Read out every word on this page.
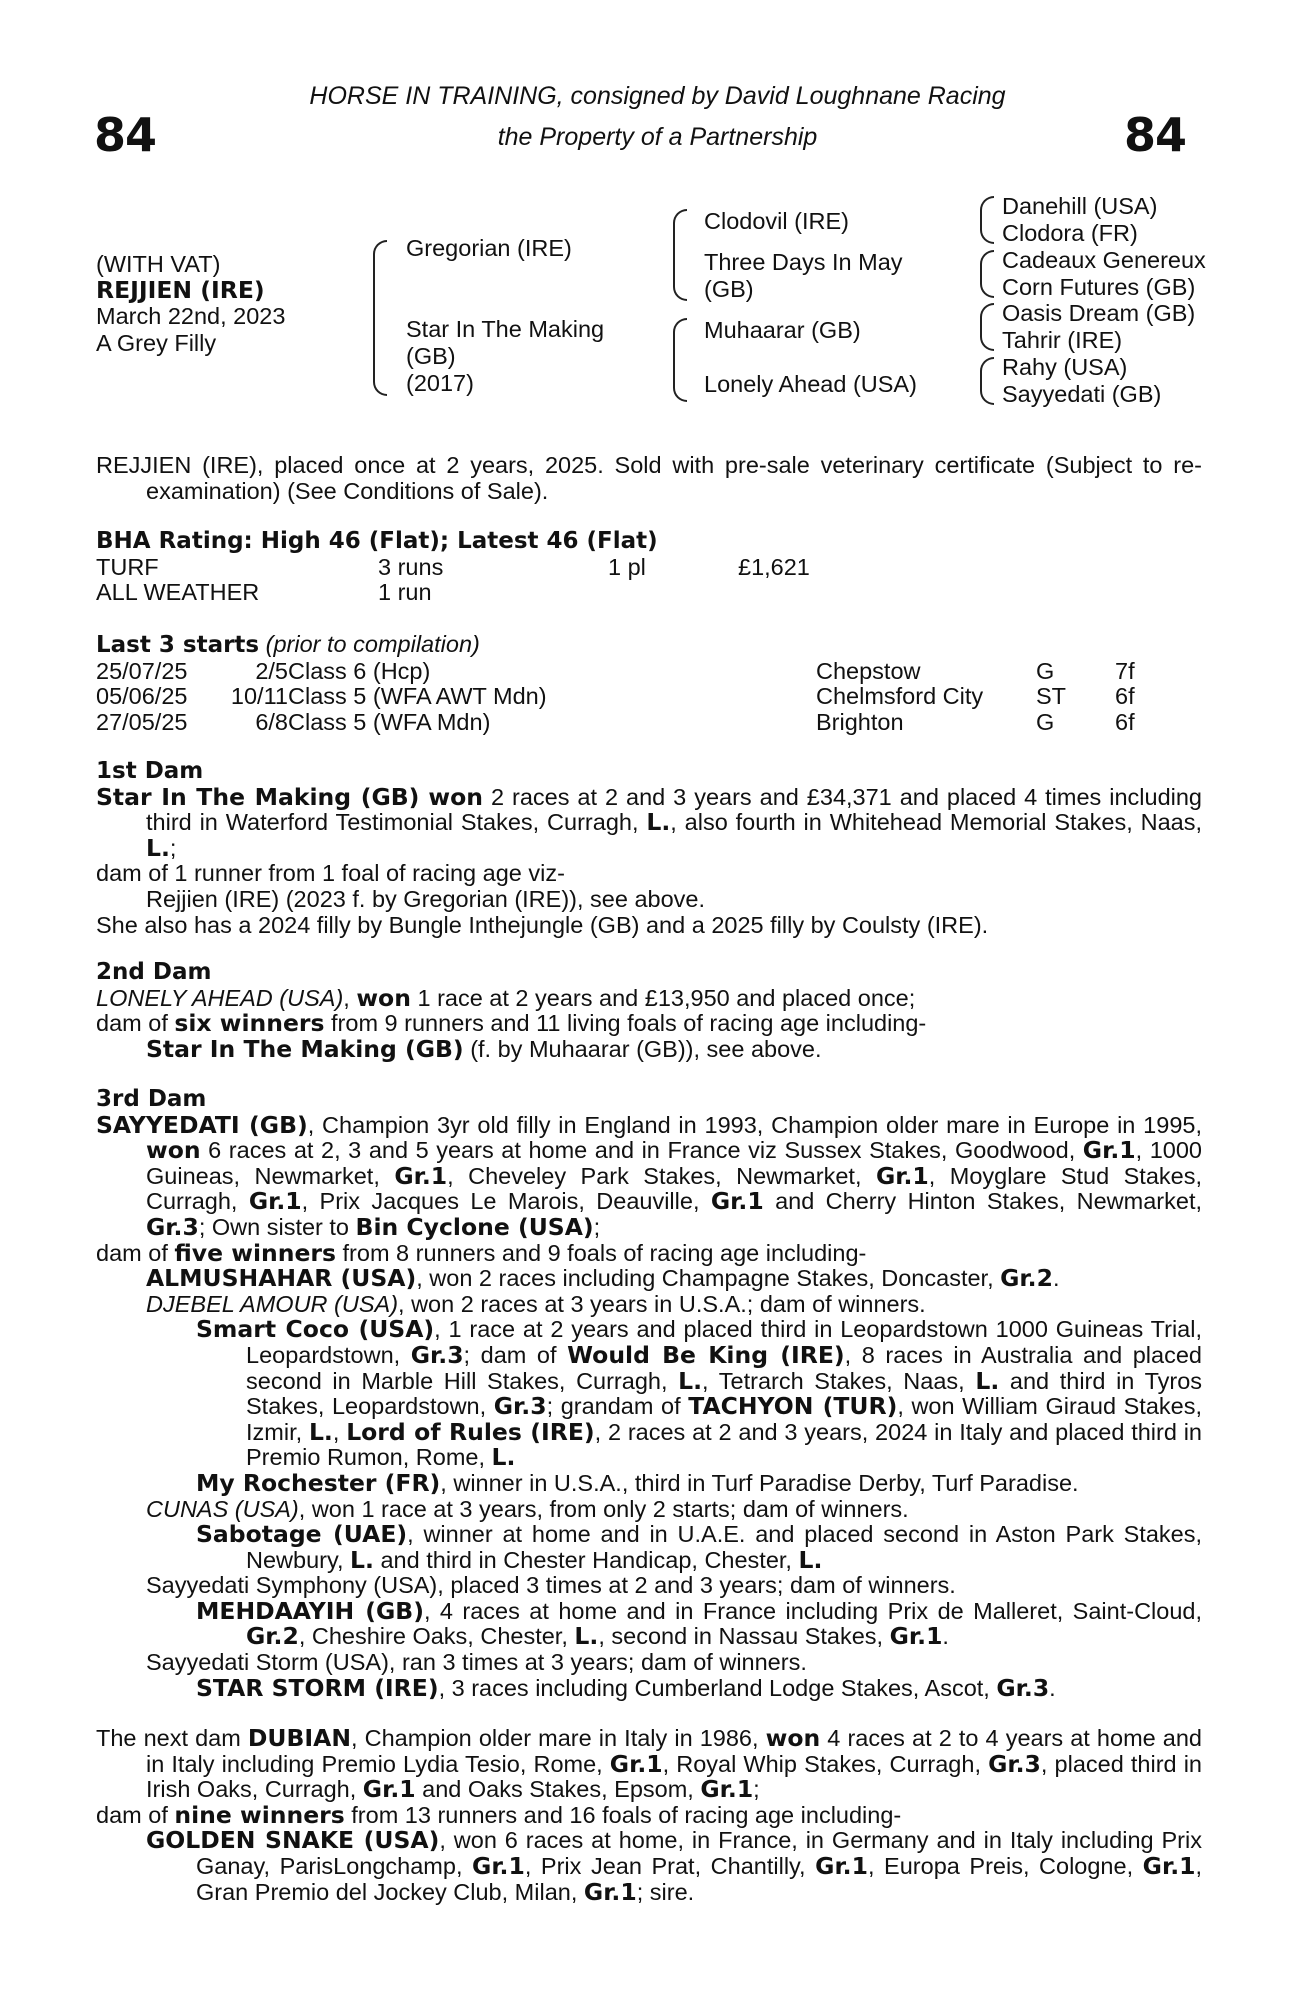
84	84
HORSE IN TRAINING, consigned by David Loughnane Racing
the Property of a Partnership
(WITH VAT)
REJJIEN (IRE)
March 22nd, 2023
A Grey Filly
Gregorian (IRE)
Star In The Making
(GB)
(2017)
Clodovil (IRE)
Three Days In May
(GB)
Muhaarar (GB)
Lonely Ahead (USA)
Danehill (USA)
Clodora (FR)
Cadeaux Genereux
Corn Futures (GB)
Oasis Dream (GB)
Tahrir (IRE)
Rahy (USA)
Sayyedati (GB)
REJJIEN (IRE), placed once at 2 years, 2025. Sold with pre-sale veterinary certificate (Subject to re-examination) (See Conditions of Sale).
BHA Rating: High 46 (Flat); Latest 46 (Flat)
TURF	3 runs	1 pl	£1,621
ALL WEATHER	1 run
Last 3 starts (prior to compilation)
25/07/25	2/5 Class 6 (Hcp)	Chepstow	G	7f
05/06/25	10/11 Class 5 (WFA AWT Mdn)	Chelmsford City ST 6f
27/05/25	6/8 Class 5 (WFA Mdn)	Brighton	G	6f
1st Dam
Star In The Making (GB) won 2 races at 2 and 3 years and £34,371 and placed 4 times including third in Waterford Testimonial Stakes, Curragh, L., also fourth in Whitehead Memorial Stakes, Naas, L.;
dam of 1 runner from 1 foal of racing age viz-
Rejjien (IRE) (2023 f. by Gregorian (IRE)), see above.
She also has a 2024 filly by Bungle Inthejungle (GB) and a 2025 filly by Coulsty (IRE).
2nd Dam
LONELY AHEAD (USA), won 1 race at 2 years and £13,950 and placed once;
dam of six winners from 9 runners and 11 living foals of racing age including-
Star In The Making (GB) (f. by Muhaarar (GB)), see above.
3rd Dam
SAYYEDATI (GB), Champion 3yr old filly in England in 1993, Champion older mare in Europe in 1995, won 6 races at 2, 3 and 5 years at home and in France viz Sussex Stakes, Goodwood, Gr.1, 1000 Guineas, Newmarket, Gr.1, Cheveley Park Stakes, Newmarket, Gr.1, Moyglare Stud Stakes, Curragh, Gr.1, Prix Jacques Le Marois, Deauville, Gr.1 and Cherry Hinton Stakes, Newmarket, Gr.3; Own sister to Bin Cyclone (USA);
dam of five winners from 8 runners and 9 foals of racing age including-
ALMUSHAHAR (USA), won 2 races including Champagne Stakes, Doncaster, Gr.2.
DJEBEL AMOUR (USA), won 2 races at 3 years in U.S.A.; dam of winners.
Smart Coco (USA), 1 race at 2 years and placed third in Leopardstown 1000 Guineas Trial, Leopardstown, Gr.3; dam of Would Be King (IRE), 8 races in Australia and placed second in Marble Hill Stakes, Curragh, L., Tetrarch Stakes, Naas, L. and third in Tyros Stakes, Leopardstown, Gr.3; grandam of TACHYON (TUR), won William Giraud Stakes, Izmir, L., Lord of Rules (IRE), 2 races at 2 and 3 years, 2024 in Italy and placed third in Premio Rumon, Rome, L.
My Rochester (FR), winner in U.S.A., third in Turf Paradise Derby, Turf Paradise.
CUNAS (USA), won 1 race at 3 years, from only 2 starts; dam of winners.
Sabotage (UAE), winner at home and in U.A.E. and placed second in Aston Park Stakes, Newbury, L. and third in Chester Handicap, Chester, L.
Sayyedati Symphony (USA), placed 3 times at 2 and 3 years; dam of winners.
MEHDAAYIH (GB), 4 races at home and in France including Prix de Malleret, Saint-Cloud, Gr.2, Cheshire Oaks, Chester, L., second in Nassau Stakes, Gr.1.
Sayyedati Storm (USA), ran 3 times at 3 years; dam of winners.
STAR STORM (IRE), 3 races including Cumberland Lodge Stakes, Ascot, Gr.3.
The next dam DUBIAN, Champion older mare in Italy in 1986, won 4 races at 2 to 4 years at home and in Italy including Premio Lydia Tesio, Rome, Gr.1, Royal Whip Stakes, Curragh, Gr.3, placed third in Irish Oaks, Curragh, Gr.1 and Oaks Stakes, Epsom, Gr.1;
dam of nine winners from 13 runners and 16 foals of racing age including-
GOLDEN SNAKE (USA), won 6 races at home, in France, in Germany and in Italy including Prix Ganay, ParisLongchamp, Gr.1, Prix Jean Prat, Chantilly, Gr.1, Europa Preis, Cologne, Gr.1, Gran Premio del Jockey Club, Milan, Gr.1; sire.
